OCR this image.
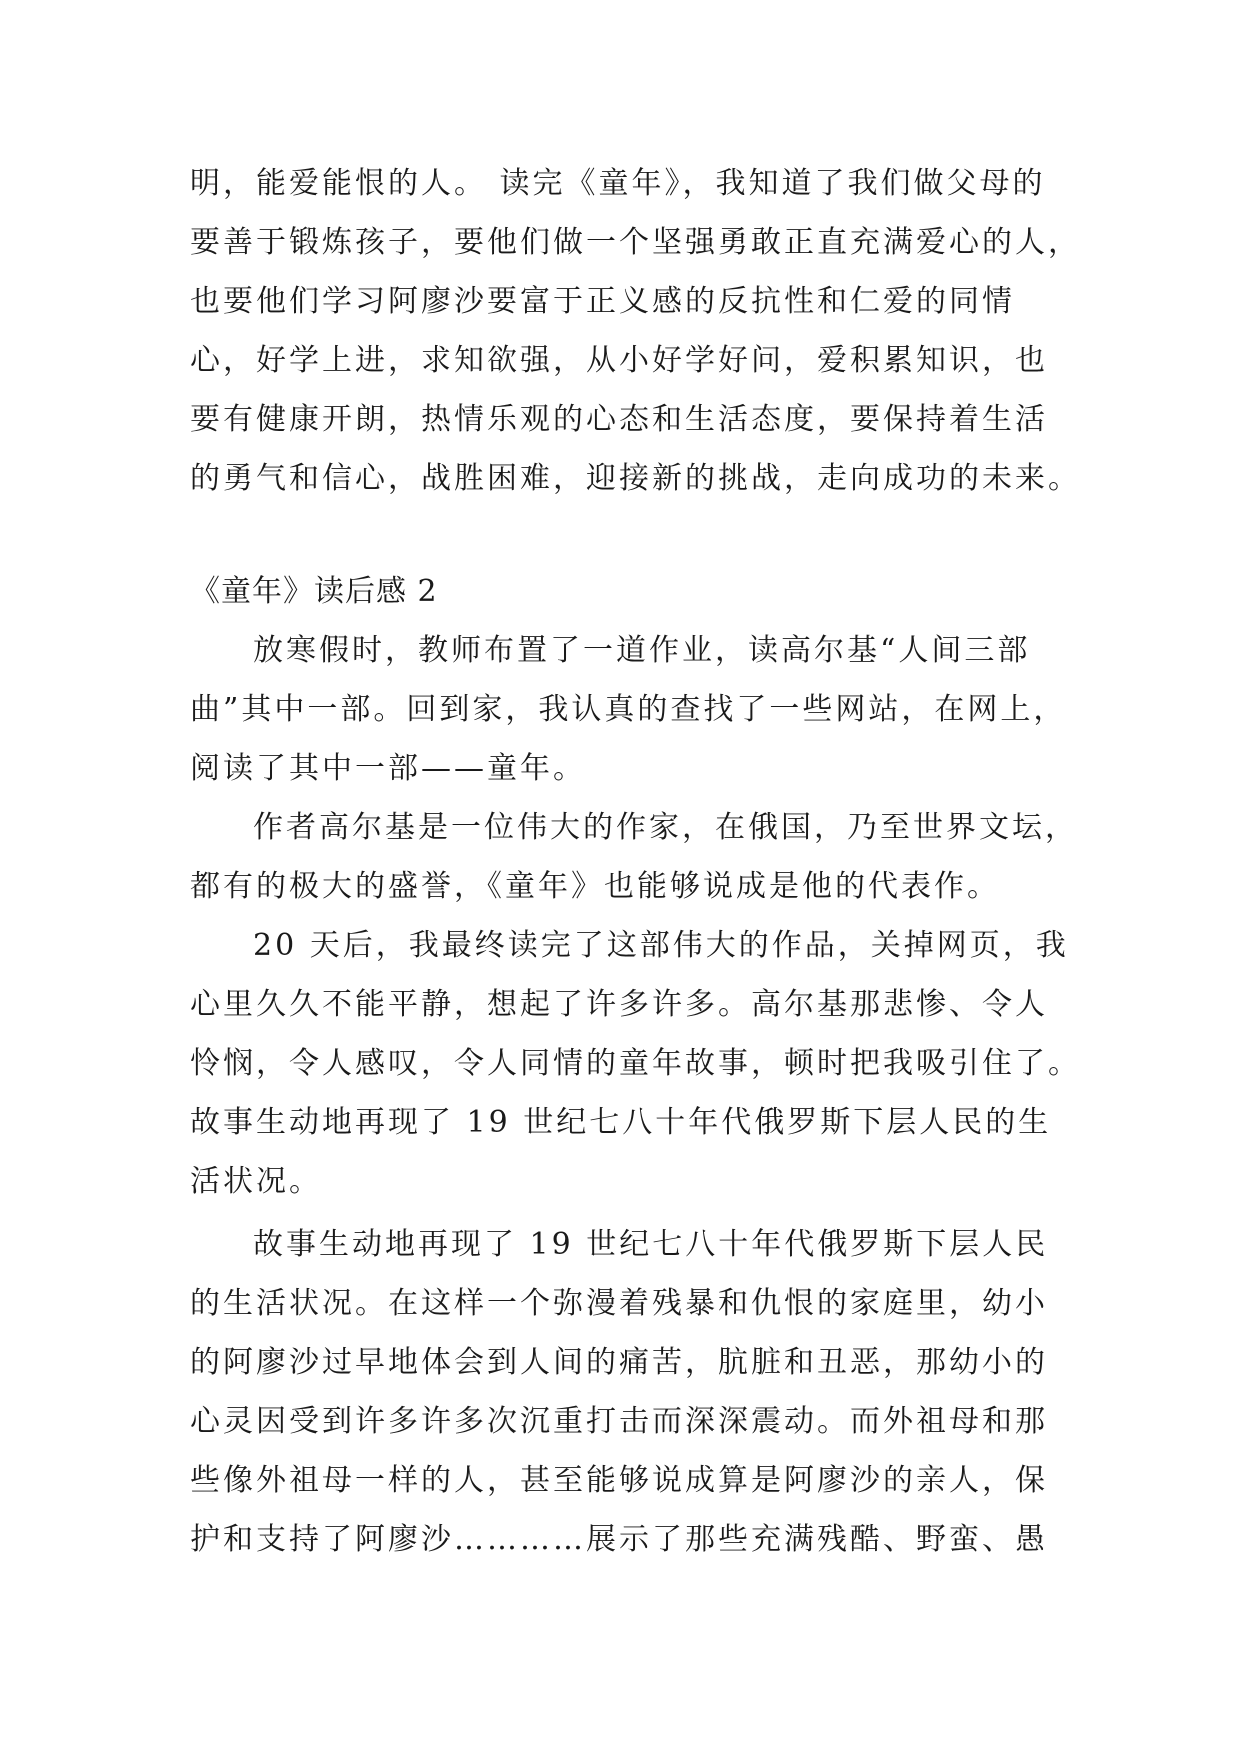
明，能爱能恨的人。 读完《童年》，我知道了我们做父母的
要善于锻炼孩子，要他们做一个坚强勇敢正直充满爱心的人，
也要他们学习阿廖沙要富于正义感的反抗性和仁爱的同情
心，好学上进，求知欲强，从小好学好问，爱积累知识，也
要有健康开朗，热情乐观的心态和生活态度，要保持着生活
的勇气和信心，战胜困难，迎接新的挑战，走向成功的未来。
《童年》读后感 2
放寒假时，教师布置了一道作业，读高尔基“人间三部
曲”其中一部。回到家，我认真的查找了一些网站，在网上，
阅读了其中一部——童年。
作者高尔基是一位伟大的作家，在俄国，乃至世界文坛，
都有的极大的盛誉，《童年》也能够说成是他的代表作。
20 天后，我最终读完了这部伟大的作品，关掉网页，我
心里久久不能平静，想起了许多许多。高尔基那悲惨、令人
怜悯，令人感叹，令人同情的童年故事，顿时把我吸引住了。
故事生动地再现了 19 世纪七八十年代俄罗斯下层人民的生
活状况。
故事生动地再现了 19 世纪七八十年代俄罗斯下层人民
的生活状况。在这样一个弥漫着残暴和仇恨的家庭里，幼小
的阿廖沙过早地体会到人间的痛苦，肮脏和丑恶，那幼小的
心灵因受到许多许多次沉重打击而深深震动。而外祖母和那
些像外祖母一样的人，甚至能够说成算是阿廖沙的亲人，保
护和支持了阿廖沙…………展示了那些充满残酷、野蛮、愚
